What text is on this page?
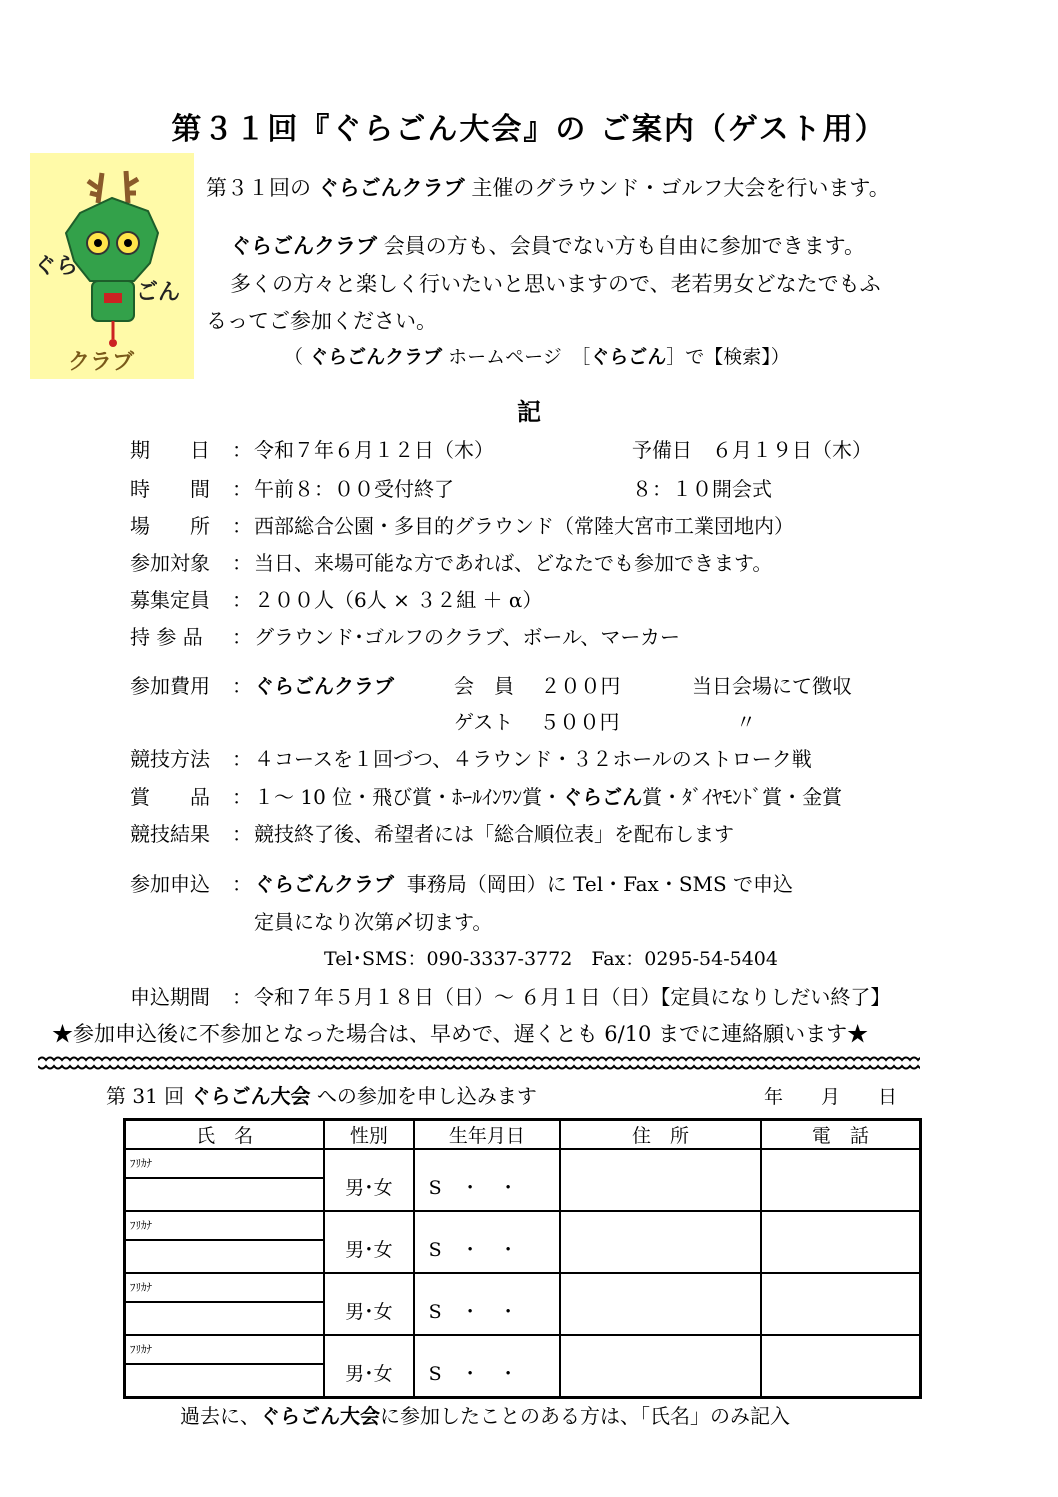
第３１回『ぐらごん大会』の ご案内（ゲスト用）
ぐら
ごん
クラブ
第３１回の ぐらごんクラブ 主催のグラウンド・ゴルフ大会を行います。
ぐらごんクラブ 会員の方も、会員でない方も自由に参加できます。
多くの方々と楽しく行いたいと思いますので、老若男女どなたでもふ
るってご参加ください。
（ ぐらごんクラブ ホームページ　［ぐらごん］で【検索】）
記
期　　日	： 令和７年６月１２日（木）	予備日　６月１９日（木）
時　　間	： 午前８：００受付終了	８：１０開会式
場　　所	： 西部総合公園・多目的グラウンド（常陸大宮市工業団地内）
参加対象	： 当日、来場可能な方であれば、どなたでも参加できます。
募集定員	： ２００人（6人 × ３２組 ＋ α）
持 参 品	： グラウンド･ゴルフのクラブ、ボール、マーカー
参加費用	： ぐらごんクラブ	会　員　 ２００円	当日会場にて徴収
ゲスト　 ５００円	〃
競技方法	： ４コースを１回づつ、４ラウンド・３２ホールのストローク戦
賞　　品	： １～ 10 位・飛び賞・ﾎｰﾙｲﾝﾜﾝ賞・ぐらごん賞・ﾀﾞｲﾔﾓﾝﾄﾞ賞・金賞
競技結果	： 競技終了後、希望者には「総合順位表」を配布します
参加申込	： ぐらごんクラブ 事務局（岡田）に Tel・Fax・SMS で申込
定員になり次第〆切ます。
Tel･SMS：090-3337-3772　Fax：0295-54-5404
申込期間	： 令和７年５月１８日（日）～ ６月１日（日）【定員になりしだい終了】
★参加申込後に不参加となった場合は、早めで、遅くとも 6/10 までに連絡願います★
第 31 回 ぐらごん大会 への参加を申し込みます	年　　月　　日
氏　名	性別	生年月日	住　所	電　話

ﾌﾘｶﾅ	男･女	S　・　・		

ﾌﾘｶﾅ	男･女	S　・　・		

ﾌﾘｶﾅ	男･女	S　・　・		

ﾌﾘｶﾅ	男･女	S　・　・		
過去に、ぐらごん大会に参加したことのある方は、「氏名」のみ記入
